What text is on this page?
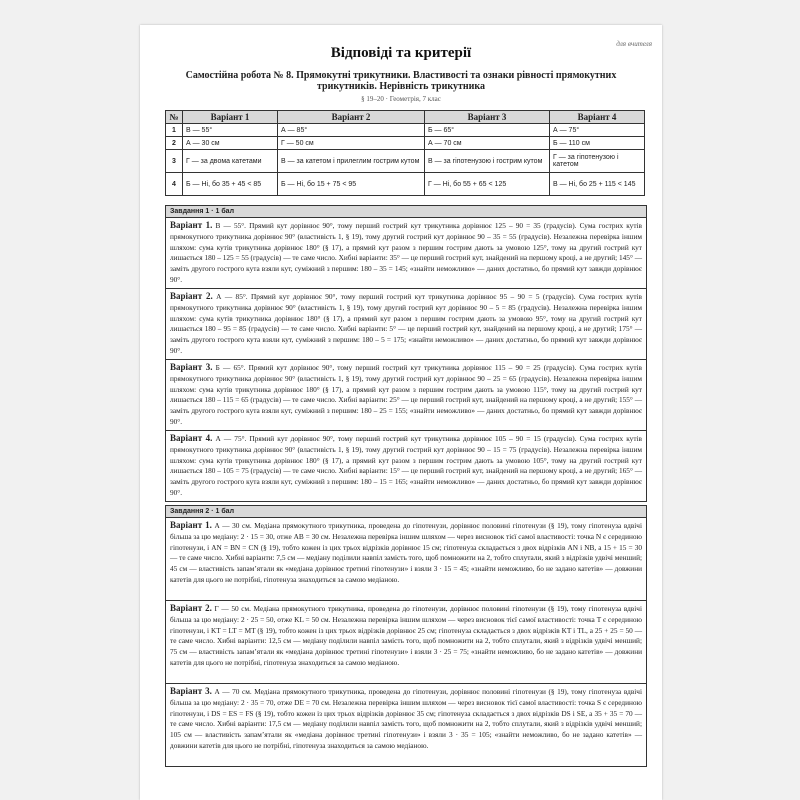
для вчителя
Відповіді та критерії
Самостійна робота № 8. Прямокутні трикутники. Властивості та ознаки рівності прямокутних трикутників. Нерівність трикутника
§ 19–20 · Геометрія, 7 клас
№	Варіант 1	Варіант 2	Варіант 3	Варіант 4
1	В — 55°	А — 85°	Б — 65°	А — 75°
2	А — 30 см	Г — 50 см	А — 70 см	Б — 110 см
3	Г — за двома катетами	В — за катетом і прилеглим гострим кутом	В — за гіпотенузою і гострим кутом	Г — за гіпотенузою і катетом
4	Б — Ні, бо 35 + 45 < 85	Б — Ні, бо 15 + 75 < 95	Г — Ні, бо 55 + 65 < 125	В — Ні, бо 25 + 115 < 145
Завдання 1 · 1 бал
Варіант 1. В — 55°. Прямий кут дорівнює 90°, тому перший гострий кут трикутника дорівнює 125 – 90 = 35 (градусів). Сума гострих кутів прямокутного трикутника дорівнює 90° (властивість 1, § 19), тому другий гострий кут дорівнює 90 – 35 = 55 (градусів). Незалежна перевірка іншим шляхом: сума кутів трикутника дорівнює 180° (§ 17), а прямий кут разом з першим гострим дають за умовою 125°, тому на другий гострий кут лишається 180 – 125 = 55 (градусів) — те саме число. Хибні варіанти: 35° — це перший гострий кут, знайдений на першому кроці, а не другий; 145° — заміть другого гострого кута взяли кут, суміжний з першим: 180 – 35 = 145; «знайти неможливо» — даних достатньо, бо прямий кут завжди дорівнює 90°.
Варіант 2. А — 85°. Прямий кут дорівнює 90°, тому перший гострий кут трикутника дорівнює 95 – 90 = 5 (градусів). Сума гострих кутів прямокутного трикутника дорівнює 90° (властивість 1, § 19), тому другий гострий кут дорівнює 90 – 5 = 85 (градусів). Незалежна перевірка іншим шляхом: сума кутів трикутника дорівнює 180° (§ 17), а прямий кут разом з першим гострим дають за умовою 95°, тому на другий гострий кут лишається 180 – 95 = 85 (градусів) — те саме число. Хибні варіанти: 5° — це перший гострий кут, знайдений на першому кроці, а не другий; 175° — заміть другого гострого кута взяли кут, суміжний з першим: 180 – 5 = 175; «знайти неможливо» — даних достатньо, бо прямий кут завжди дорівнює 90°.
Варіант 3. Б — 65°. Прямий кут дорівнює 90°, тому перший гострий кут трикутника дорівнює 115 – 90 = 25 (градусів). Сума гострих кутів прямокутного трикутника дорівнює 90° (властивість 1, § 19), тому другий гострий кут дорівнює 90 – 25 = 65 (градусів). Незалежна перевірка іншим шляхом: сума кутів трикутника дорівнює 180° (§ 17), а прямий кут разом з першим гострим дають за умовою 115°, тому на другий гострий кут лишається 180 – 115 = 65 (градусів) — те саме число. Хибні варіанти: 25° — це перший гострий кут, знайдений на першому кроці, а не другий; 155° — заміть другого гострого кута взяли кут, суміжний з першим: 180 – 25 = 155; «знайти неможливо» — даних достатньо, бо прямий кут завжди дорівнює 90°.
Варіант 4. А — 75°. Прямий кут дорівнює 90°, тому перший гострий кут трикутника дорівнює 105 – 90 = 15 (градусів). Сума гострих кутів прямокутного трикутника дорівнює 90° (властивість 1, § 19), тому другий гострий кут дорівнює 90 – 15 = 75 (градусів). Незалежна перевірка іншим шляхом: сума кутів трикутника дорівнює 180° (§ 17), а прямий кут разом з першим гострим дають за умовою 105°, тому на другий гострий кут лишається 180 – 105 = 75 (градусів) — те саме число. Хибні варіанти: 15° — це перший гострий кут, знайдений на першому кроці, а не другий; 165° — заміть другого гострого кута взяли кут, суміжний з першим: 180 – 15 = 165; «знайти неможливо» — даних достатньо, бо прямий кут завжди дорівнює 90°.
Завдання 2 · 1 бал
Варіант 1. А — 30 см. Медіана прямокутного трикутника, проведена до гіпотенузи, дорівнює половині гіпотенузи (§ 19), тому гіпотенуза вдвічі більша за цю медіану: 2 · 15 = 30, отже AB = 30 см. Незалежна перевірка іншим шляхом — через висновок тієї самої властивості: точка N є серединою гіпотенузи, і AN = BN = CN (§ 19), тобто кожен із цих трьох відрізків дорівнює 15 см; гіпотенуза складається з двох відрізків AN і NB, а 15 + 15 = 30 — те саме число. Хибні варіанти: 7,5 см — медіану поділили навпіл замість того, щоб помножити на 2, тобто сплутали, який з відрізків удвічі менший; 45 см — властивість запам’ятали як «медіана дорівнює третині гіпотенузи» і взяли 3 · 15 = 45; «знайти неможливо, бо не задано катетів» — довжини катетів для цього не потрібні, гіпотенуза знаходиться за самою медіаною.
Варіант 2. Г — 50 см. Медіана прямокутного трикутника, проведена до гіпотенузи, дорівнює половині гіпотенузи (§ 19), тому гіпотенуза вдвічі більша за цю медіану: 2 · 25 = 50, отже KL = 50 см. Незалежна перевірка іншим шляхом — через висновок тієї самої властивості: точка T є серединою гіпотенузи, і KT = LT = MT (§ 19), тобто кожен із цих трьох відрізків дорівнює 25 см; гіпотенуза складається з двох відрізків KT і TL, а 25 + 25 = 50 — те саме число. Хибні варіанти: 12,5 см — медіану поділили навпіл замість того, щоб помножити на 2, тобто сплутали, який з відрізків удвічі менший; 75 см — властивість запам’ятали як «медіана дорівнює третині гіпотенузи» і взяли 3 · 25 = 75; «знайти неможливо, бо не задано катетів» — довжини катетів для цього не потрібні, гіпотенуза знаходиться за самою медіаною.
Варіант 3. А — 70 см. Медіана прямокутного трикутника, проведена до гіпотенузи, дорівнює половині гіпотенузи (§ 19), тому гіпотенуза вдвічі більша за цю медіану: 2 · 35 = 70, отже DE = 70 см. Незалежна перевірка іншим шляхом — через висновок тієї самої властивості: точка S є серединою гіпотенузи, і DS = ES = FS (§ 19), тобто кожен із цих трьох відрізків дорівнює 35 см; гіпотенуза складається з двох відрізків DS і SE, а 35 + 35 = 70 — те саме число. Хибні варіанти: 17,5 см — медіану поділили навпіл замість того, щоб помножити на 2, тобто сплутали, який з відрізків удвічі менший; 105 см — властивість запам’ятали як «медіана дорівнює третині гіпотенузи» і взяли 3 · 35 = 105; «знайти неможливо, бо не задано катетів» — довжини катетів для цього не потрібні, гіпотенуза знаходиться за самою медіаною.
